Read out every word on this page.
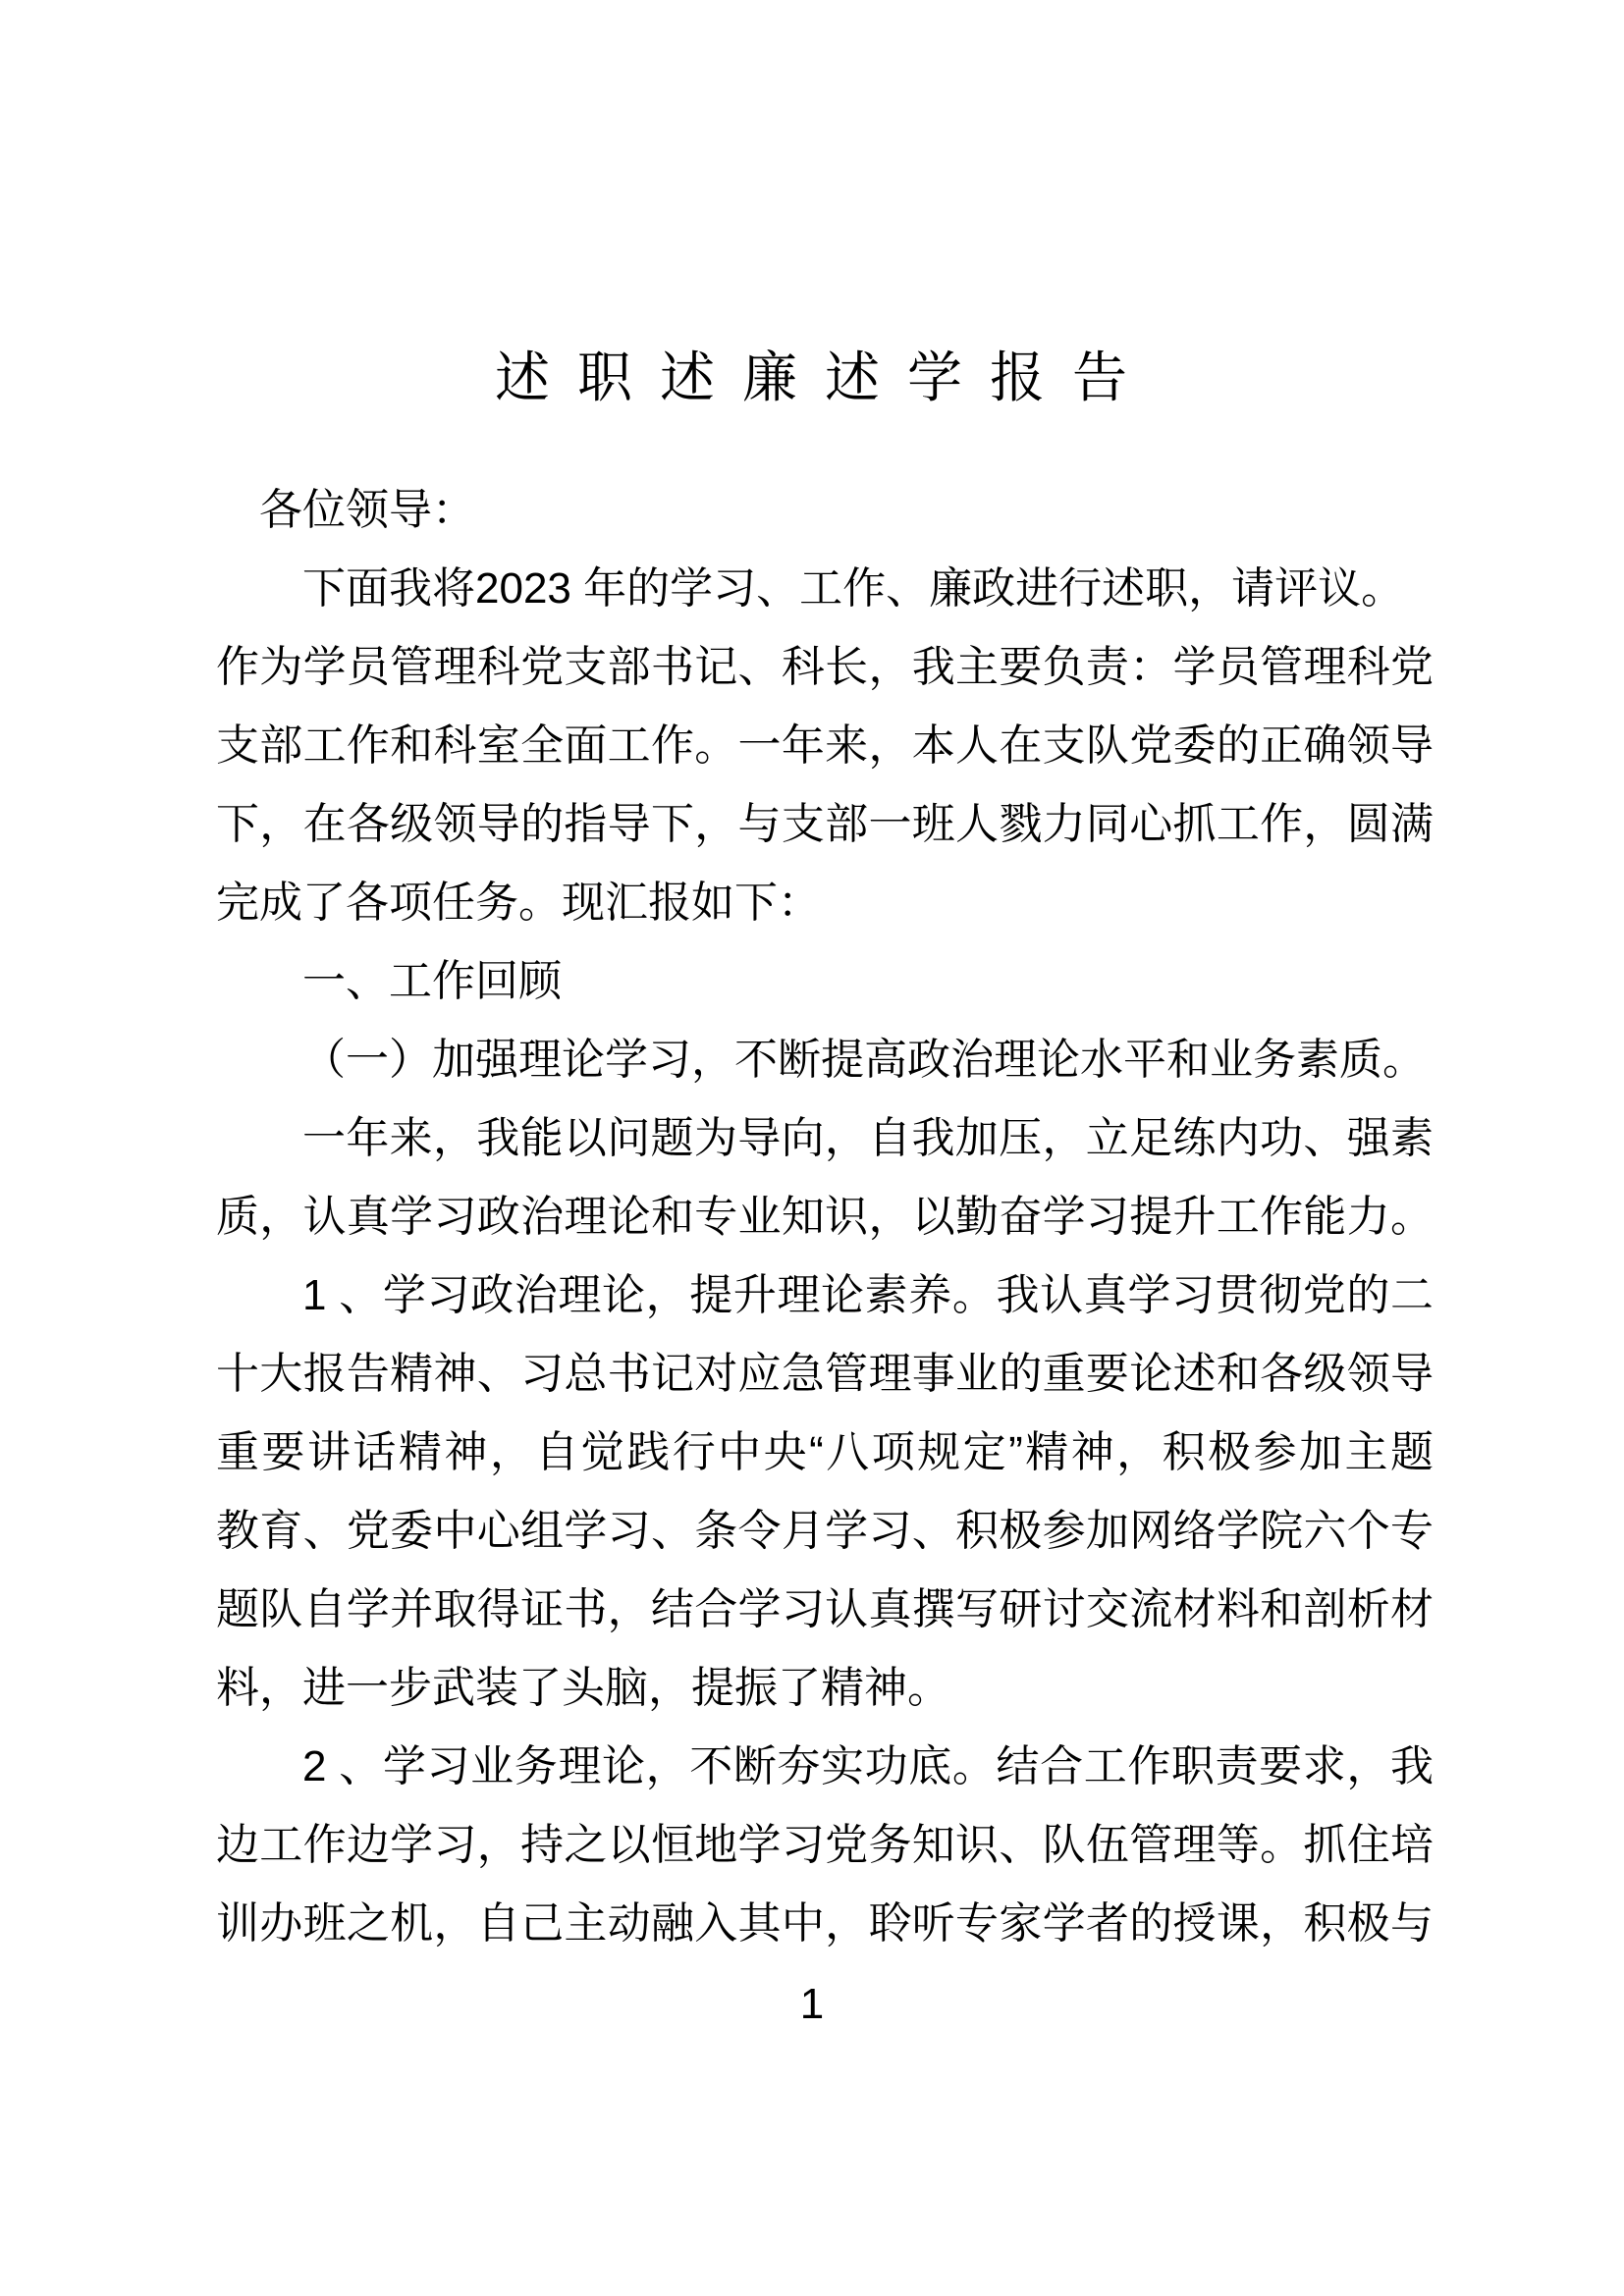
述职述廉述学报告
各位领导：
下面我将2023 年的学习、工作、廉政进行述职，请评议。
作为学员管理科党支部书记、科长，我主要负责：学员管理科党
支部工作和科室全面工作。一年来，本人在支队党委的正确领导
下，在各级领导的指导下，与支部一班人戮力同心抓工作，圆满
完成了各项任务。现汇报如下：
一、工作回顾
（一）加强理论学习，不断提高政治理论水平和业务素质。
一年来，我能以问题为导向，自我加压，立足练内功、强素
质，认真学习政治理论和专业知识，以勤奋学习提升工作能力。
1 、学习政治理论，提升理论素养。我认真学习贯彻党的二
十大报告精神、习总书记对应急管理事业的重要论述和各级领导
重要讲话精神，自觉践行中央“八项规定”精神，积极参加主题
教育、党委中心组学习、条令月学习、积极参加网络学院六个专
题队自学并取得证书，结合学习认真撰写研讨交流材料和剖析材
料，进一步武装了头脑，提振了精神。
2 、学习业务理论，不断夯实功底。结合工作职责要求，我
边工作边学习，持之以恒地学习党务知识、队伍管理等。抓住培
训办班之机，自己主动融入其中，聆听专家学者的授课，积极与
1
